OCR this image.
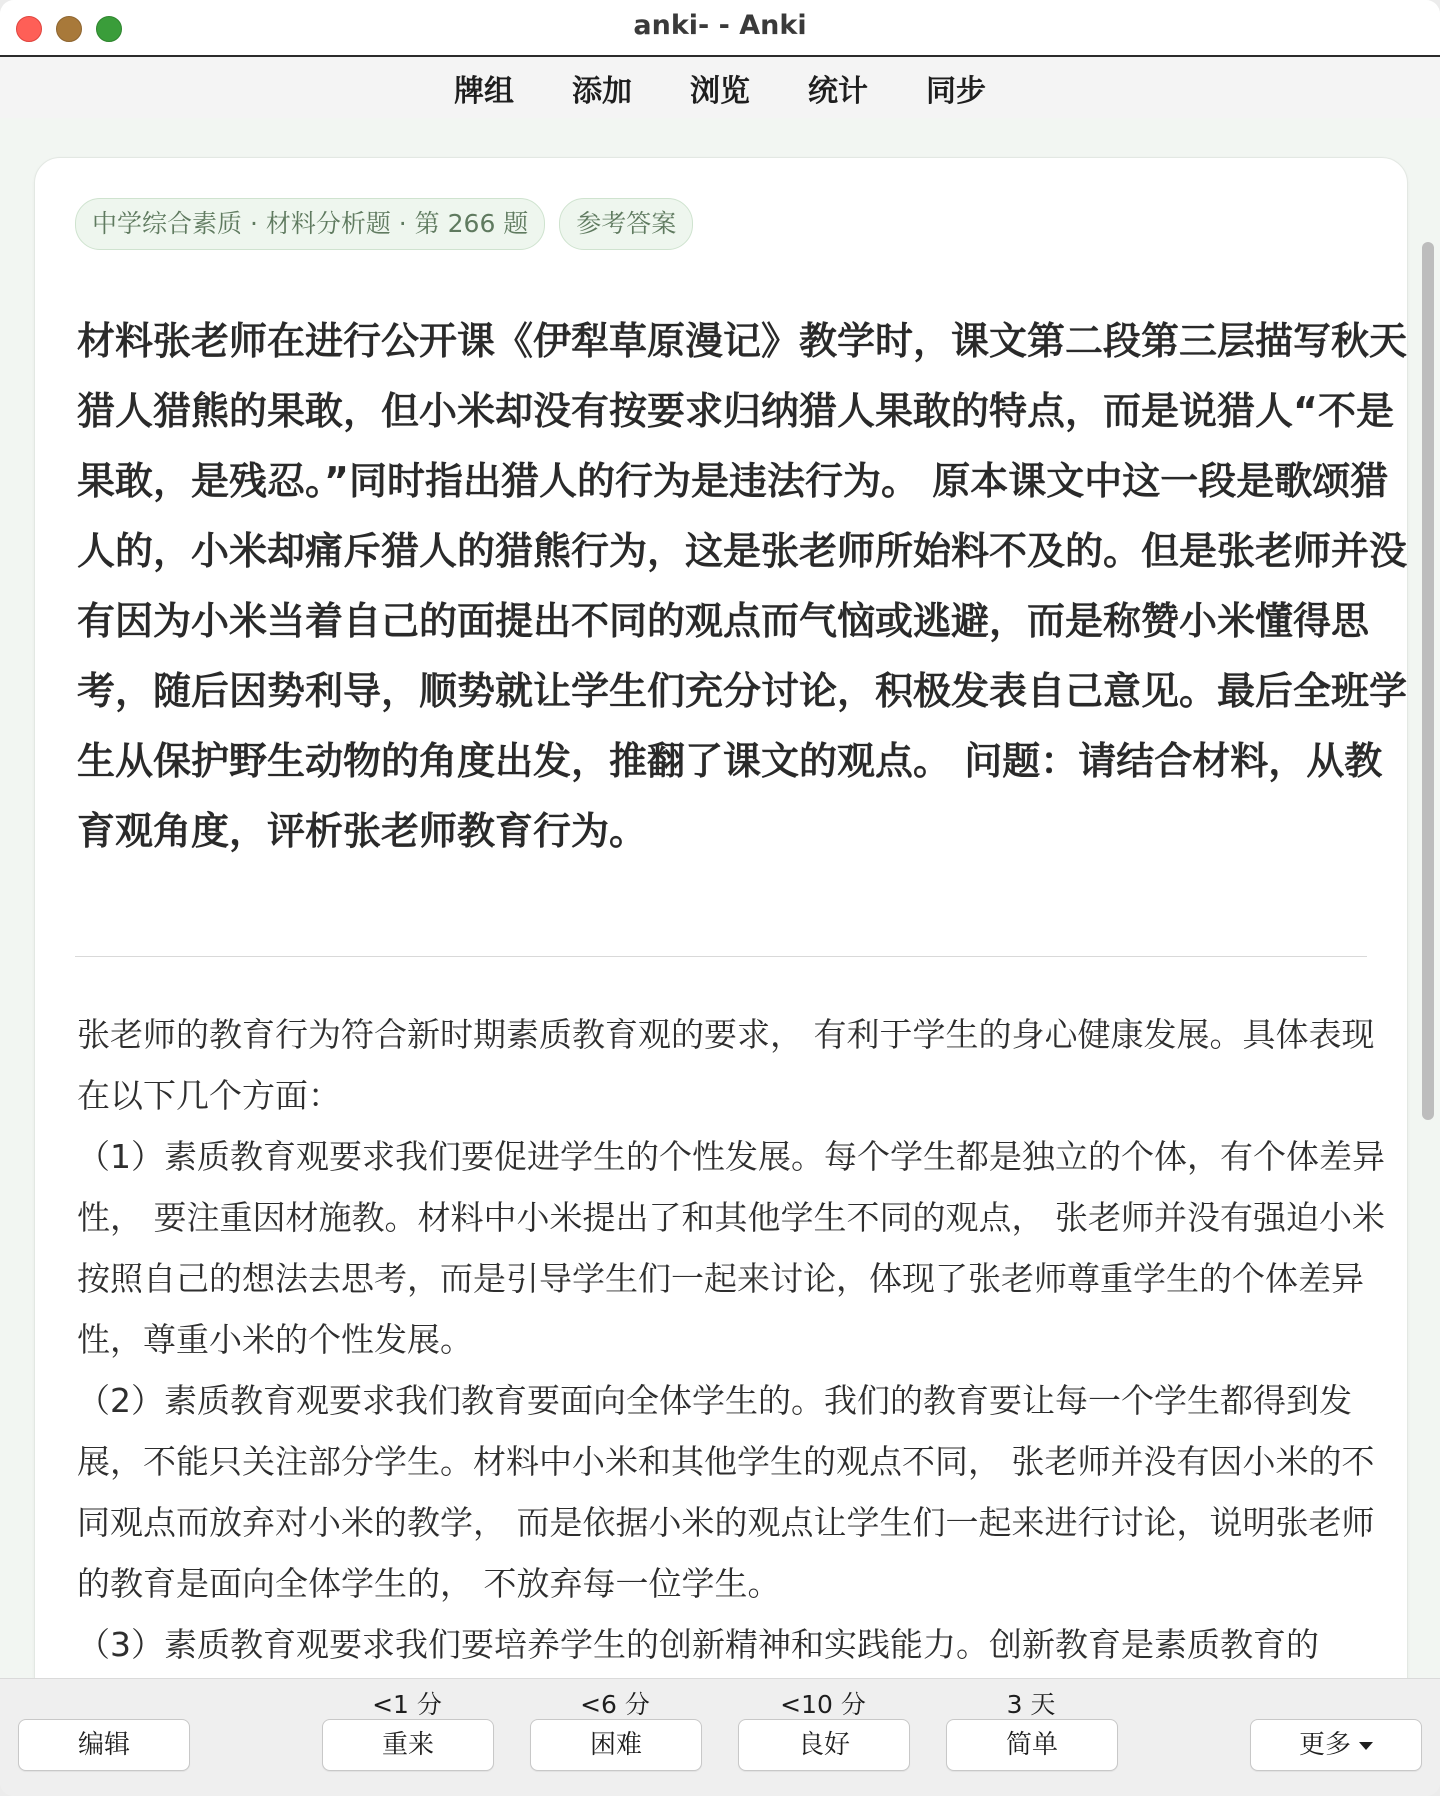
anki- - Anki
牌组	添加	浏览	统计	同步
中学综合素质 · 材料分析题 · 第 266 题	参考答案
材料张老师在进行公开课《伊犁草原漫记》教学时，课文第二段第三层描写秋天猎人猎熊的果敢，但小米却没有按要求归纳猎人果敢的特点，而是说猎人“不是果敢，是残忍。”同时指出猎人的行为是违法行为。 原本课文中这一段是歌颂猎人的，小米却痛斥猎人的猎熊行为，这是张老师所始料不及的。但是张老师并没有因为小米当着自己的面提出不同的观点而气恼或逃避，而是称赞小米懂得思考，随后因势利导，顺势就让学生们充分讨论，积极发表自己意见。最后全班学生从保护野生动物的角度出发，推翻了课文的观点。 问题：请结合材料，从教育观角度，评析张老师教育行为。

张老师的教育行为符合新时期素质教育观的要求， 有利于学生的身心健康发展。具体表现在以下几个方面：

（1）素质教育观要求我们要促进学生的个性发展。每个学生都是独立的个体，有个体差异性， 要注重因材施教。材料中小米提出了和其他学生不同的观点， 张老师并没有强迫小米按照自己的想法去思考，而是引导学生们一起来讨论，体现了张老师尊重学生的个体差异性，尊重小米的个性发展。

（2）素质教育观要求我们教育要面向全体学生的。我们的教育要让每一个学生都得到发展，不能只关注部分学生。材料中小米和其他学生的观点不同， 张老师并没有因小米的不同观点而放弃对小米的教学， 而是依据小米的观点让学生们一起来进行讨论，说明张老师的教育是面向全体学生的， 不放弃每一位学生。

（3）素质教育观要求我们要培养学生的创新精神和实践能力。创新教育是素质教育的

编辑
<1 分
重来
<6 分
困难
<10 分
良好
3 天
简单	更多
